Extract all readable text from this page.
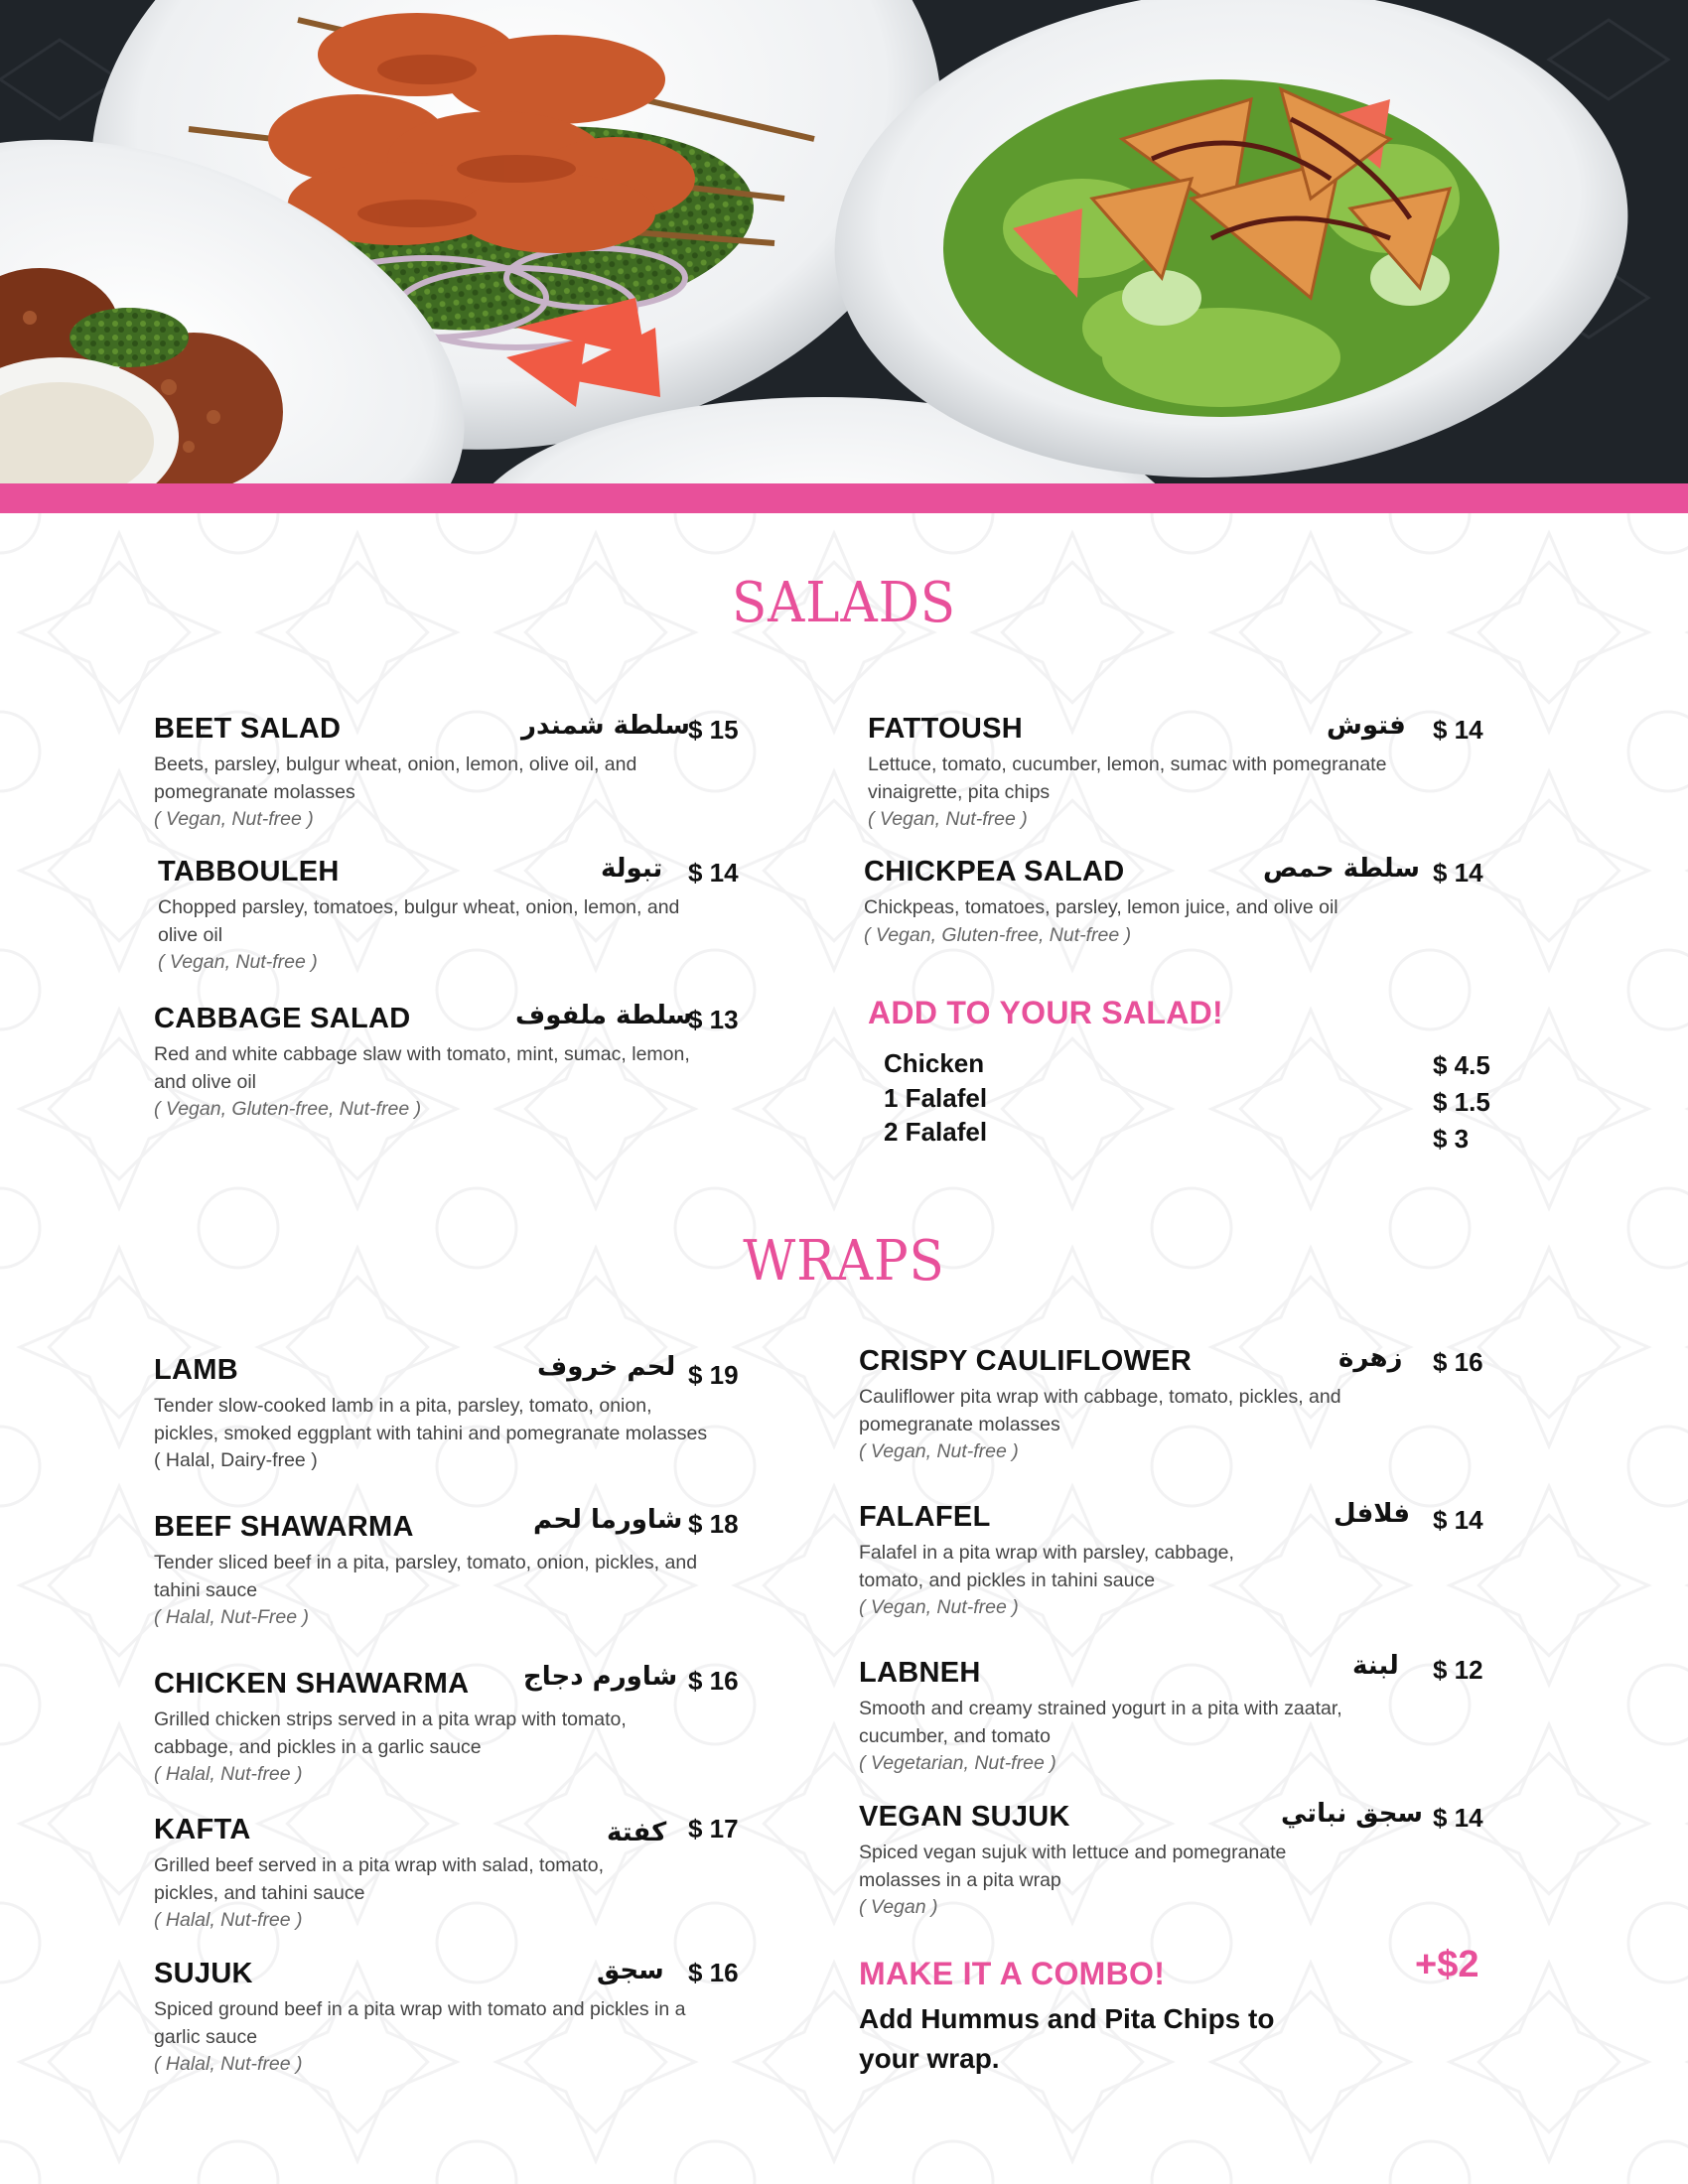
SALADS
BEET SALAD	سلطة شمندر
$ 15
Beets, parsley, bulgur wheat, onion, lemon, olive oil, and pomegranate molasses
( Vegan, Nut-free )
TABBOULEH	تبولة $ 14
Chopped parsley, tomatoes, bulgur wheat, onion, lemon, and olive oil
( Vegan, Nut-free )
CABBAGE SALAD	سلطة ملفوف
$ 13
Red and white cabbage slaw with tomato, mint, sumac, lemon, and olive oil
( Vegan, Gluten-free, Nut-free )
FATTOUSH	فتوش $ 14
Lettuce, tomato, cucumber, lemon, sumac with pomegranate vinaigrette, pita chips
( Vegan, Nut-free )
CHICKPEA SALAD	سلطة حمص $ 14
Chickpeas, tomatoes, parsley, lemon juice, and olive oil
( Vegan, Gluten-free, Nut-free )
ADD TO YOUR SALAD!
Chicken	$ 4.5
1 Falafel	$ 1.5
2 Falafel	$ 3
WRAPS
LAMB	لحم خروف $ 19
Tender slow-cooked lamb in a pita, parsley, tomato, onion, pickles, smoked eggplant with tahini and pomegranate molasses ( Halal, Dairy-free )
BEEF SHAWARMA	شاورما لحم $ 18
Tender sliced beef in a pita, parsley, tomato, onion, pickles, and tahini sauce
( Halal, Nut-Free )
CHICKEN SHAWARMA	شاورم دجاج $ 16
Grilled chicken strips served in a pita wrap with tomato, cabbage, and pickles in a garlic sauce
( Halal, Nut-free )
KAFTA	كفتة $ 17
Grilled beef served in a pita wrap with salad, tomato, pickles, and tahini sauce
( Halal, Nut-free )
SUJUK	سجق $ 16
Spiced ground beef in a pita wrap with tomato and pickles in a garlic sauce
( Halal, Nut-free )
CRISPY CAULIFLOWER	زهرة $ 16
Cauliflower pita wrap with cabbage, tomato, pickles, and pomegranate molasses
( Vegan, Nut-free )
FALAFEL	فلافل $ 14
Falafel in a pita wrap with parsley, cabbage, tomato, and pickles in tahini sauce
( Vegan, Nut-free )
LABNEH	لبنة $ 12
Smooth and creamy strained yogurt in a pita with zaatar, cucumber, and tomato
( Vegetarian, Nut-free )
VEGAN SUJUK	سجق نباتي $ 14
Spiced vegan sujuk with lettuce and pomegranate molasses in a pita wrap
( Vegan )
MAKE IT A COMBO!	+$2
Add Hummus and Pita Chips to your wrap.
